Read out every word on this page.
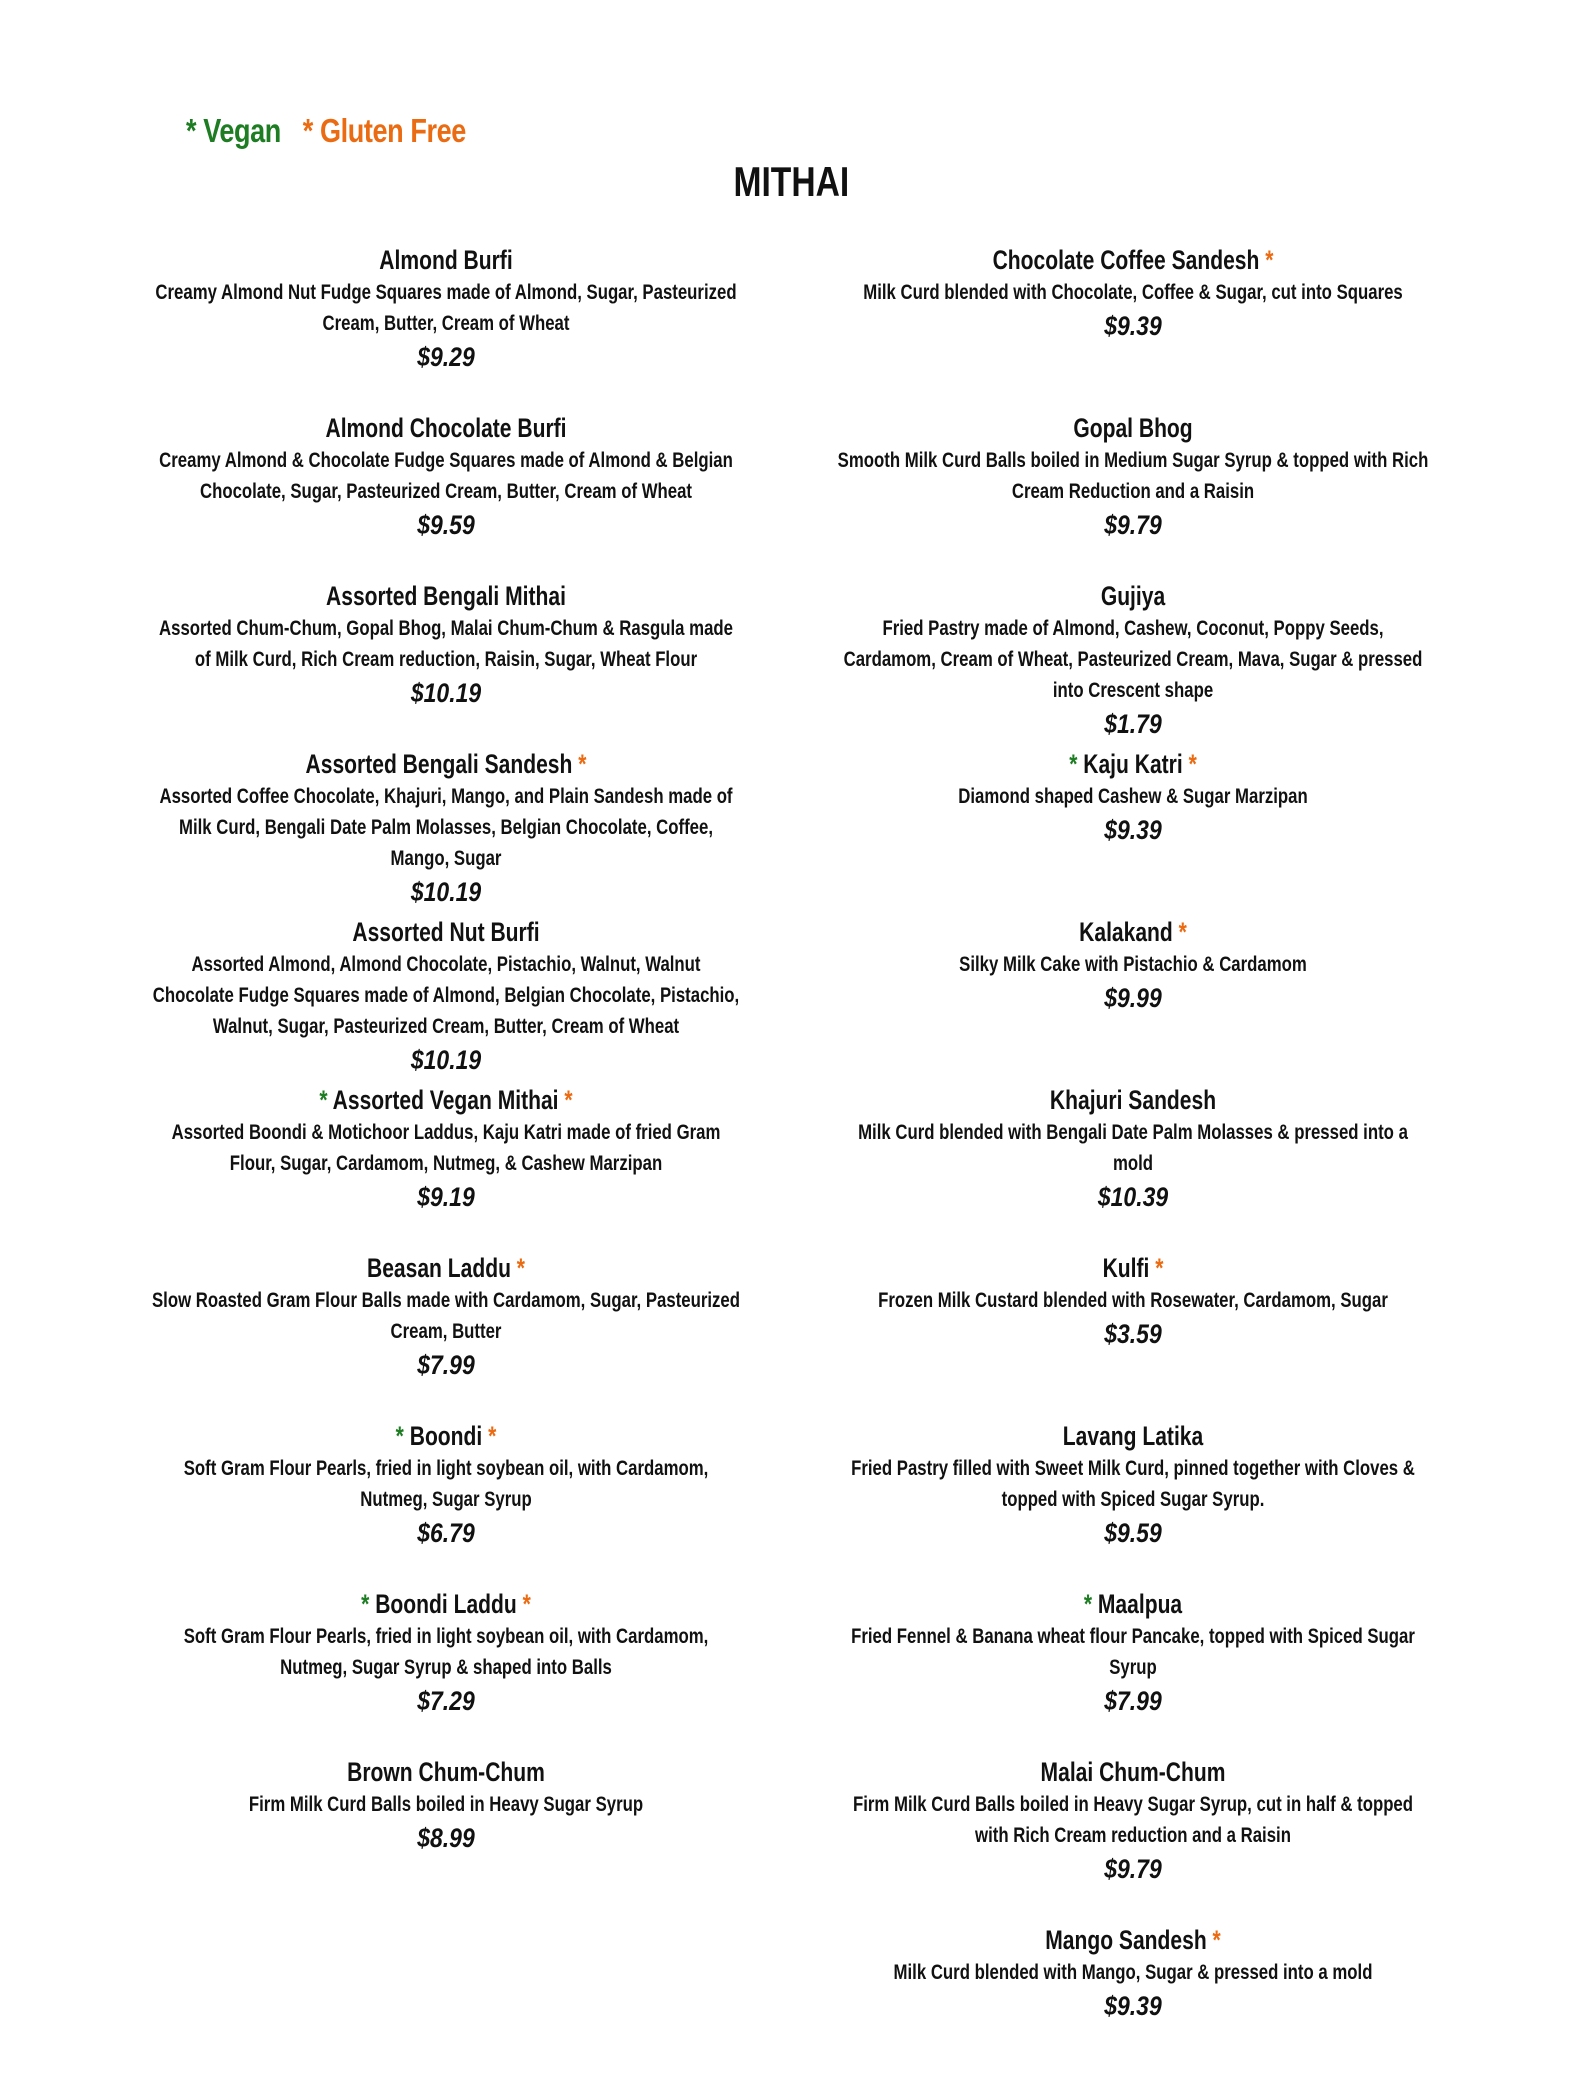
* Vegan * Gluten Free
MITHAI
Almond Burfi
Creamy Almond Nut Fudge Squares made of Almond, Sugar, Pasteurized Cream, Butter, Cream of Wheat
$9.29
Almond Chocolate Burfi
Creamy Almond & Chocolate Fudge Squares made of Almond & Belgian Chocolate, Sugar, Pasteurized Cream, Butter, Cream of Wheat
$9.59
Assorted Bengali Mithai
Assorted Chum-Chum, Gopal Bhog, Malai Chum-Chum & Rasgula made of Milk Curd, Rich Cream reduction, Raisin, Sugar, Wheat Flour
$10.19
Assorted Bengali Sandesh *
Assorted Coffee Chocolate, Khajuri, Mango, and Plain Sandesh made of Milk Curd, Bengali Date Palm Molasses, Belgian Chocolate, Coffee, Mango, Sugar
$10.19
Assorted Nut Burfi
Assorted Almond, Almond Chocolate, Pistachio, Walnut, Walnut Chocolate Fudge Squares made of Almond, Belgian Chocolate, Pistachio, Walnut, Sugar, Pasteurized Cream, Butter, Cream of Wheat
$10.19
* Assorted Vegan Mithai *
Assorted Boondi & Motichoor Laddus, Kaju Katri made of fried Gram Flour, Sugar, Cardamom, Nutmeg, & Cashew Marzipan
$9.19
Beasan Laddu *
Slow Roasted Gram Flour Balls made with Cardamom, Sugar, Pasteurized Cream, Butter
$7.99
* Boondi *
Soft Gram Flour Pearls, fried in light soybean oil, with Cardamom, Nutmeg, Sugar Syrup
$6.79
* Boondi Laddu *
Soft Gram Flour Pearls, fried in light soybean oil, with Cardamom, Nutmeg, Sugar Syrup & shaped into Balls
$7.29
Brown Chum-Chum
Firm Milk Curd Balls boiled in Heavy Sugar Syrup
$8.99
Chocolate Coffee Sandesh *
Milk Curd blended with Chocolate, Coffee & Sugar, cut into Squares
$9.39
Gopal Bhog
Smooth Milk Curd Balls boiled in Medium Sugar Syrup & topped with Rich Cream Reduction and a Raisin
$9.79
Gujiya
Fried Pastry made of Almond, Cashew, Coconut, Poppy Seeds, Cardamom, Cream of Wheat, Pasteurized Cream, Mava, Sugar & pressed into Crescent shape
$1.79
* Kaju Katri *
Diamond shaped Cashew & Sugar Marzipan
$9.39
Kalakand *
Silky Milk Cake with Pistachio & Cardamom
$9.99
Khajuri Sandesh
Milk Curd blended with Bengali Date Palm Molasses & pressed into a mold
$10.39
Kulfi *
Frozen Milk Custard blended with Rosewater, Cardamom, Sugar
$3.59
Lavang Latika
Fried Pastry filled with Sweet Milk Curd, pinned together with Cloves & topped with Spiced Sugar Syrup.
$9.59
* Maalpua
Fried Fennel & Banana wheat flour Pancake, topped with Spiced Sugar Syrup
$7.99
Malai Chum-Chum
Firm Milk Curd Balls boiled in Heavy Sugar Syrup, cut in half & topped with Rich Cream reduction and a Raisin
$9.79
Mango Sandesh *
Milk Curd blended with Mango, Sugar & pressed into a mold
$9.39
